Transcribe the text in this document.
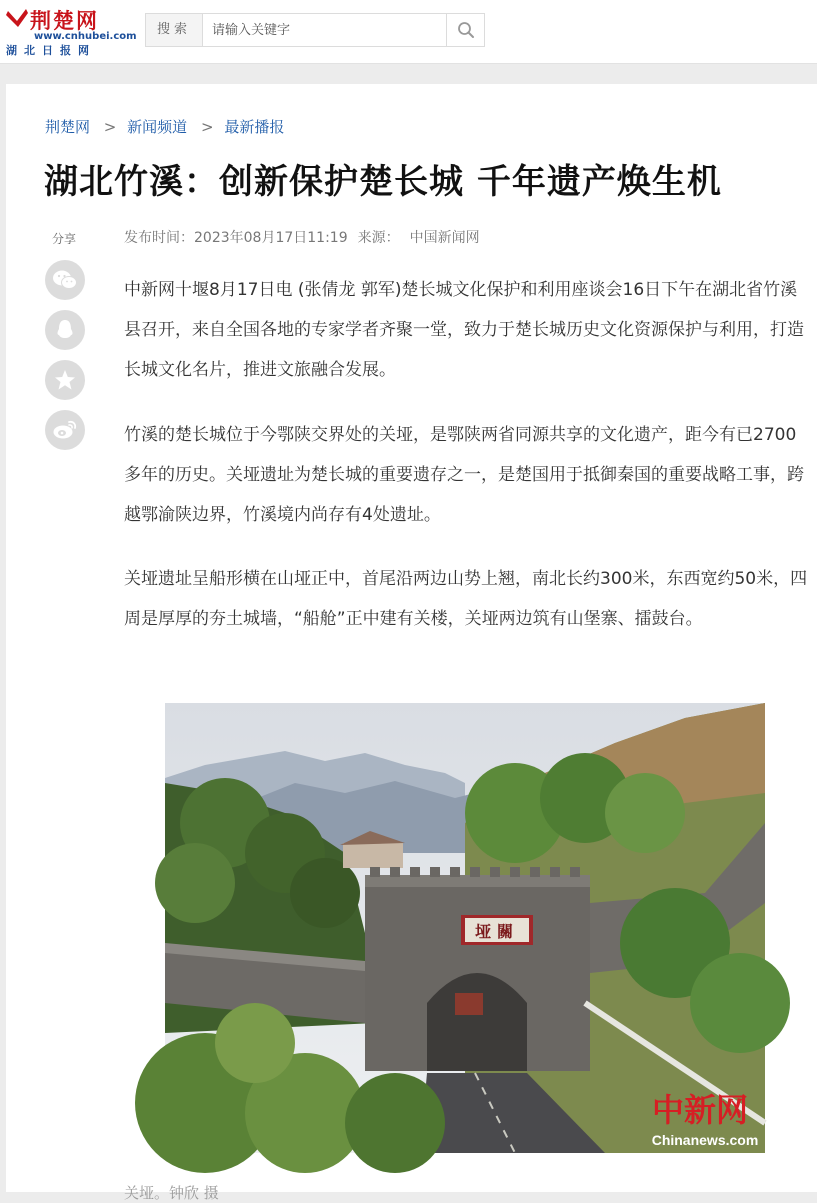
荆楚网
www.cnhubei.com
湖北日报网
搜索
请输入关键字
荆楚网 > 新闻频道 > 最新播报
湖北竹溪：创新保护楚长城 千年遗产焕生机
发布时间：2023年08月17日11:19 来源： 中国新闻网
分享

中新网十堰8月17日电 (张倩龙 郭军)楚长城文化保护和利用座谈会16日下午在湖北省竹溪县召开，来自全国各地的专家学者齐聚一堂，致力于楚长城历史文化资源保护与利用，打造长城文化名片，推进文旅融合发展。

竹溪的楚长城位于今鄂陕交界处的关垭，是鄂陕两省同源共享的文化遗产，距今有已2700多年的历史。关垭遗址为楚长城的重要遗存之一，是楚国用于抵御秦国的重要战略工事，跨越鄂渝陕边界，竹溪境内尚存有4处遗址。

关垭遗址呈船形横在山垭正中，首尾沿两边山势上翘，南北长约300米，东西宽约50米，四周是厚厚的夯土城墙，“船舱”正中建有关楼，关垭两边筑有山堡寨、擂鼓台。

垭關
中新网
Chinanews.com
关垭。钟欣 摄
